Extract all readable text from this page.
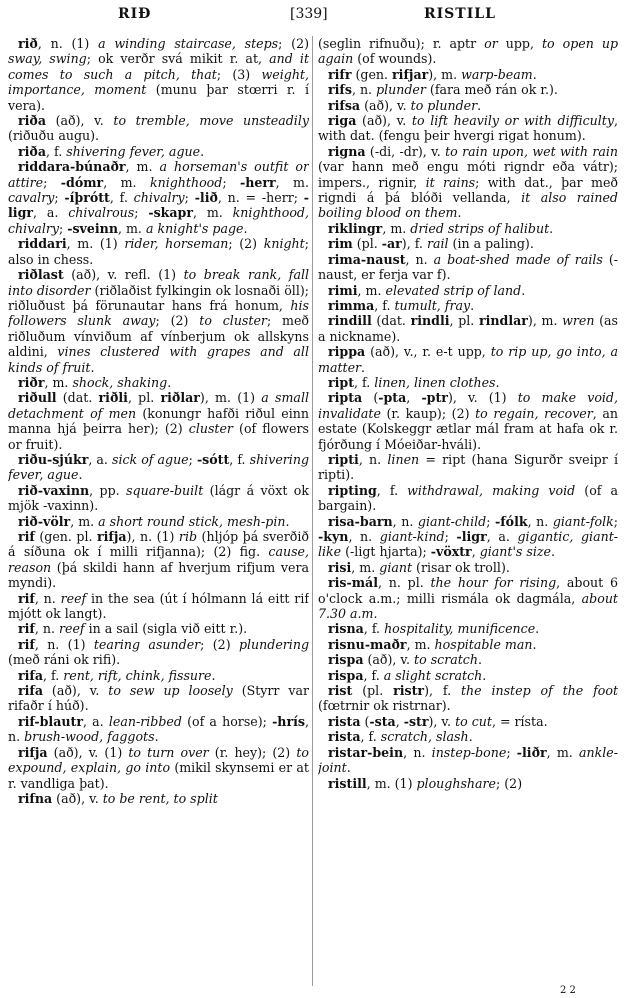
RIÐ	[339]	RISTILL

rið, n. (1) a winding staircase, steps; (2) sway, swing; ok verðr svá mikit r. at, and it comes to such a pitch, that; (3) weight, importance, moment (munu þar stœrri r. í vera).

riða (að), v. to tremble, move unsteadily (riðuðu augu).

riða, f. shivering fever, ague.

riddara-búnaðr, m. a horseman's outfit or attire; -dómr, m. knighthood; -herr, m. cavalry; -íþrótt, f. chivalry; -lið, n. = -herr; -ligr, a. chivalrous; -skapr, m. knighthood, chivalry; -sveinn, m. a knight's page.

riddari, m. (1) rider, horseman; (2) knight; also in chess.

riðlast (að), v. refl. (1) to break rank, fall into disorder (riðlaðist fylkingin ok losnaði öll); riðluðust þá förunautar hans frá honum, his followers slunk away; (2) to cluster; með riðluðum vínviðum af vínberjum ok allskyns aldini, vines clustered with grapes and all kinds of fruit.

riðr, m. shock, shaking.

riðull (dat. riðli, pl. riðlar), m. (1) a small detachment of men (konungr hafði riðul einn manna hjá þeirra her); (2) cluster (of flowers or fruit).

riðu-sjúkr, a. sick of ague; -sótt, f. shivering fever, ague.

rið-vaxinn, pp. square-built (lágr á vöxt ok mjök -vaxinn).

rið-völr, m. a short round stick, mesh-pin.

rif (gen. pl. rifja), n. (1) rib (hljóp þá sverðið á síðuna ok í milli rifjanna); (2) fig. cause, reason (þá skildi hann af hverjum rifjum vera myndi).

rif, n. reef in the sea (út í hólmann lá eitt rif mjótt ok langt).

rif, n. reef in a sail (sigla við eitt r.).

rif, n. (1) tearing asunder; (2) plundering (með ráni ok rifi).

rifa, f. rent, rift, chink, fissure.

rifa (að), v. to sew up loosely (Styrr var rifaðr í húð).

rif-blautr, a. lean-ribbed (of a horse); -hrís, n. brush-wood, faggots.

rifja (að), v. (1) to turn over (r. hey); (2) to expound, explain, go into (mikil skynsemi er at r. vandliga þat).

rifna (að), v. to be rent, to split

(seglin rifnuðu); r. aptr or upp, to open up again (of wounds).

rifr (gen. rifjar), m. warp-beam.

rifs, n. plunder (fara með rán ok r.).

rifsa (að), v. to plunder.

riga (að), v. to lift heavily or with difficulty, with dat. (fengu þeir hvergi rigat honum).

rigna (-di, -dr), v. to rain upon, wet with rain (var hann með engu móti rigndr eða vátr); impers., rignir, it rains; with dat., þar með rigndi á þá blóði vellanda, it also rained boiling blood on them.

riklingr, m. dried strips of halibut.

rim (pl. -ar), f. rail (in a paling).

rima-naust, n. a boat-shed made of rails (-naust, er ferja var f).

rimi, m. elevated strip of land.

rimma, f. tumult, fray.

rindill (dat. rindli, pl. rindlar), m. wren (as a nickname).

rippa (að), v., r. e-t upp, to rip up, go into, a matter.

ript, f. linen, linen clothes.

ripta (-pta, -ptr), v. (1) to make void, invalidate (r. kaup); (2) to regain, recover, an estate (Kolskeggr ætlar mál fram at hafa ok r. fjórðung í Móeiðar-hváli).

ripti, n. linen = ript (hana Sigurðr sveipr í ripti).

ripting, f. withdrawal, making void (of a bargain).

risa-barn, n. giant-child; -fólk, n. giant-folk; -kyn, n. giant-kind; -ligr, a. gigantic, giant-like (-ligt hjarta); -vöxtr, giant's size.

risi, m. giant (risar ok troll).

ris-mál, n. pl. the hour for rising, about 6 o'clock a.m.; milli rismála ok dagmála, about 7.30 a.m.

risna, f. hospitality, munificence.

risnu-maðr, m. hospitable man.

rispa (að), v. to scratch.

rispa, f. a slight scratch.

rist (pl. ristr), f. the instep of the foot (fœtrnir ok ristrnar).

rista (-sta, -str), v. to cut, = rísta.

rista, f. scratch, slash.

ristar-bein, n. instep-bone; -liðr, m. ankle-joint.

ristill, m. (1) ploughshare; (2)

2 2
